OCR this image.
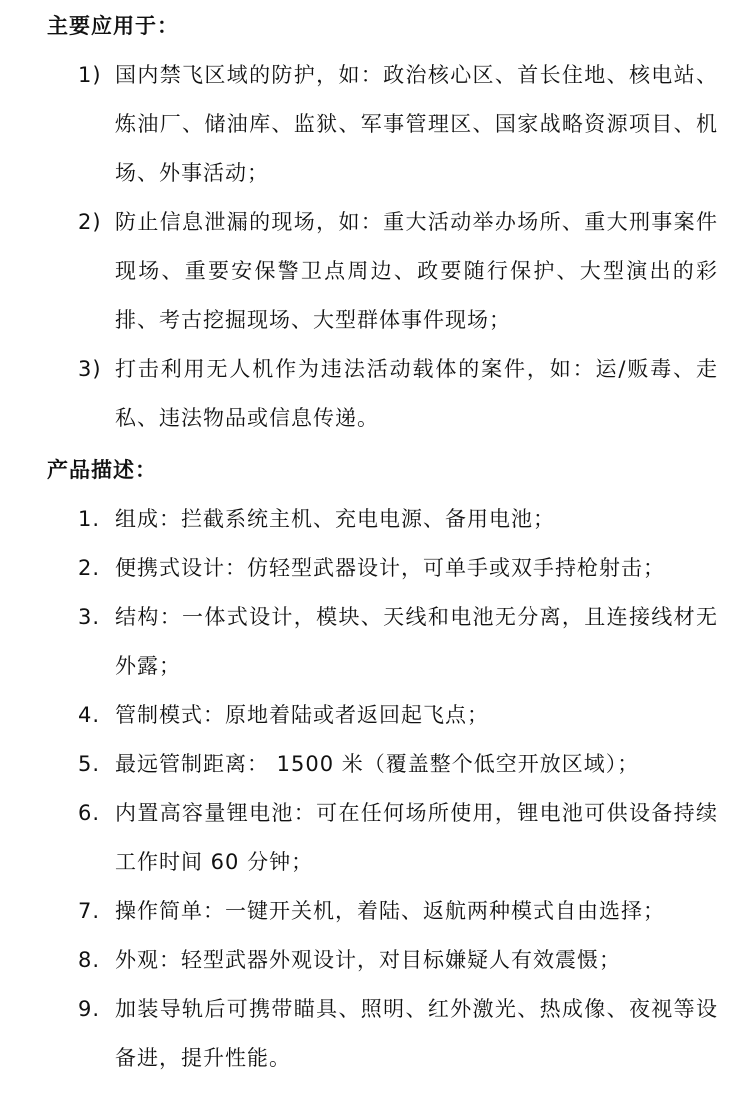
主要应用于：
1) 国内禁飞区域的防护，如：政治核心区、首长住地、核电站、炼油厂、储油库、监狱、军事管理区、国家战略资源项目、机场、外事活动；
2) 防止信息泄漏的现场，如：重大活动举办场所、重大刑事案件现场、重要安保警卫点周边、政要随行保护、大型演出的彩排、考古挖掘现场、大型群体事件现场；
3) 打击利用无人机作为违法活动载体的案件，如：运/贩毒、走私、违法物品或信息传递。
产品描述：
1. 组成：拦截系统主机、充电电源、备用电池；
2. 便携式设计：仿轻型武器设计，可单手或双手持枪射击；
3. 结构：一体式设计，模块、天线和电池无分离，且连接线材无外露；
4. 管制模式：原地着陆或者返回起飞点；
5. 最远管制距离： 1500 米（覆盖整个低空开放区域）；
6. 内置高容量锂电池：可在任何场所使用，锂电池可供设备持续工作时间 60 分钟；
7. 操作简单：一键开关机，着陆、返航两种模式自由选择；
8. 外观：轻型武器外观设计，对目标嫌疑人有效震慑；
9. 加装导轨后可携带瞄具、照明、红外激光、热成像、夜视等设备进，提升性能。
